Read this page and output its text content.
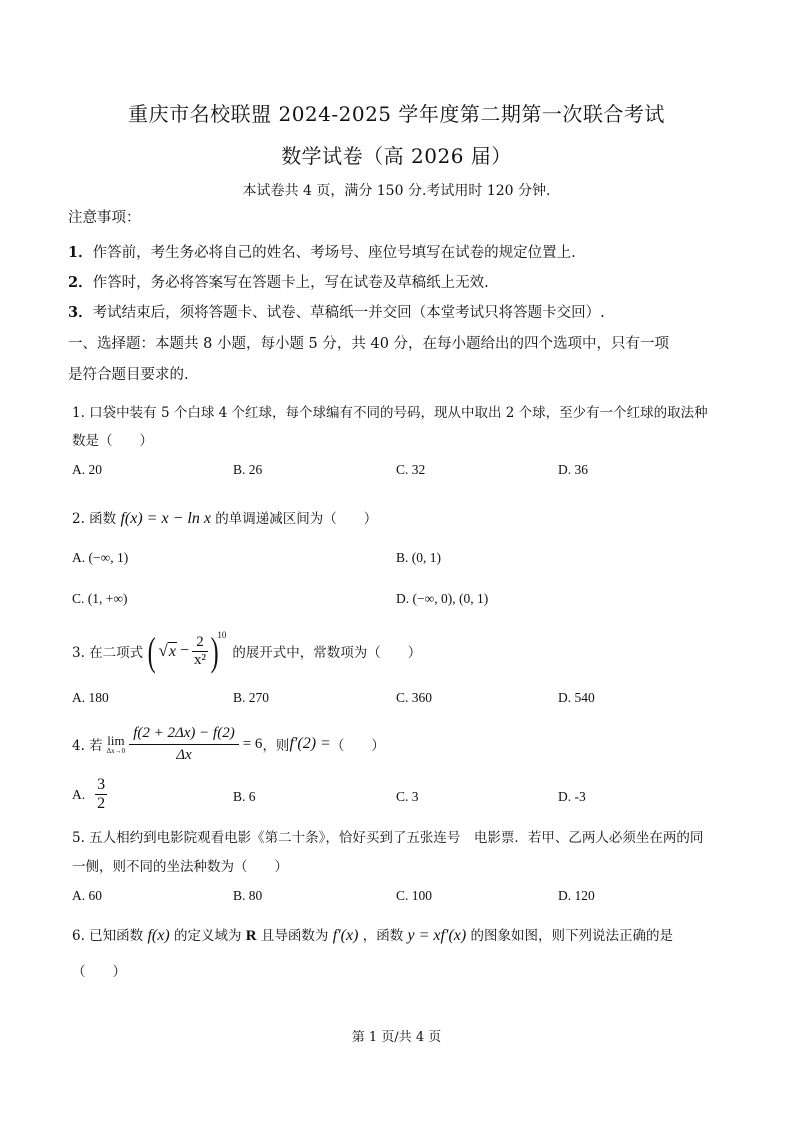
重庆市名校联盟 2024-2025 学年度第二期第一次联合考试
数学试卷（高 2026 届）
本试卷共 4 页，满分 150 分.考试用时 120 分钟.
注意事项：
1．作答前，考生务必将自己的姓名、考场号、座位号填写在试卷的规定位置上.
2．作答时，务必将答案写在答题卡上，写在试卷及草稿纸上无效.
3．考试结束后，须将答题卡、试卷、草稿纸一并交回（本堂考试只将答题卡交回）.
一、选择题：本题共 8 小题，每小题 5 分，共 40 分，在每小题给出的四个选项中，只有一项
是符合题目要求的.
1. 口袋中装有 5 个白球 4 个红球，每个球编有不同的号码，现从中取出 2 个球，至少有一个红球的取法种
数是（　　）
A. 20	B. 26	C. 32	D. 36
2. 函数 f(x) = x − ln x 的单调递减区间为（　　）
A. (−∞, 1)	B. (0, 1)
C. (1, +∞)	D. (−∞, 0), (0, 1)
3. 在二项式 ( √ $x - \frac{2}{\text{x²}}$ )
10
的展开式中，常数项为（　　）
A. 180	B. 270	C. 360	D. 540
4. 若 lim
$\Delta x\to 0 \frac{f(2 + 2\Delta x) - f(2)}{\Delta x} = 6$ ，则 f′(2) = （　　）
A. $\frac{3}{2}$	B. 6	C. 3	D. -3
5. 五人相约到电影院观看电影《第二十条》，恰好买到了五张连号　电影票．若甲、乙两人必须坐在两的同
一侧，则不同的坐法种数为（　　）
A. 60	B. 80	C. 100	D. 120
6. 已知函数 f(x) 的定义域为 R 且导函数为 f′(x) ，函数 y = xf′(x) 的图象如图，则下列说法正确的是
（　　）
第 1 页/共 4 页
